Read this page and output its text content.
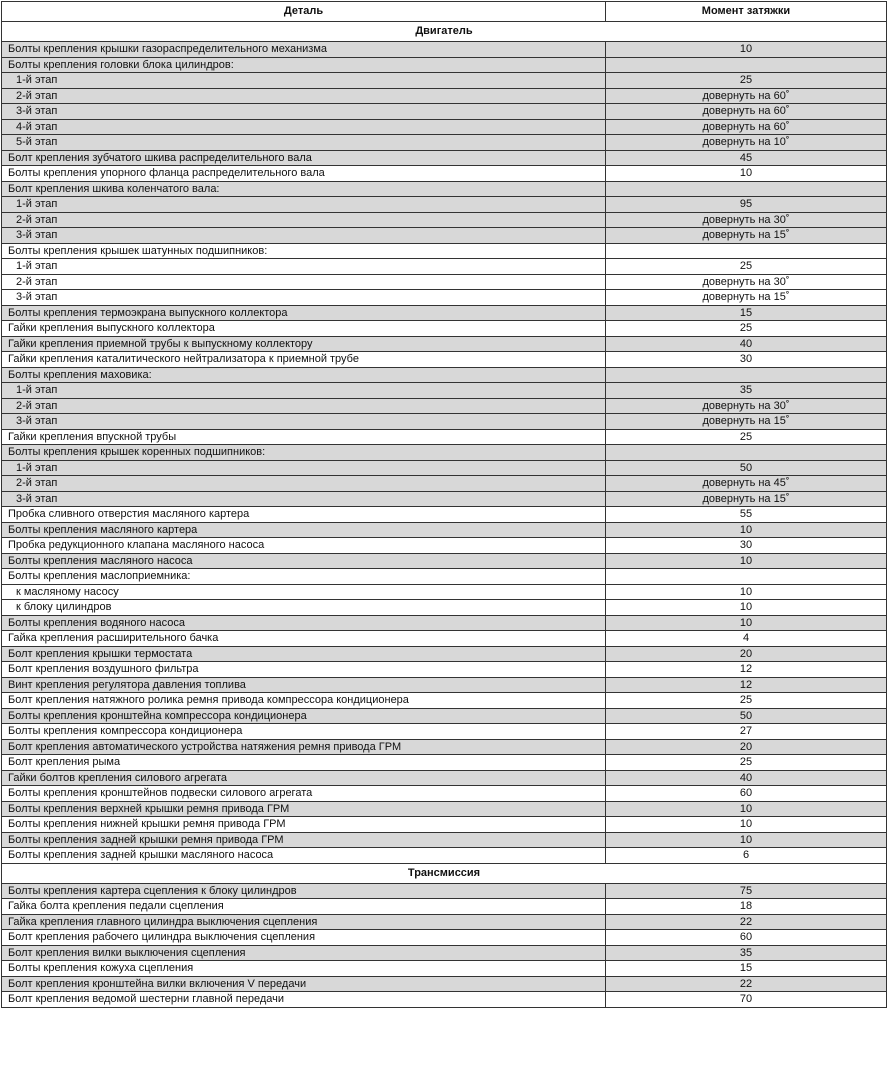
Деталь	Момент затяжки
Двигатель	
Болты крепления крышки газораспределительного механизма	10
Болты крепления головки блока цилиндров:	
1-й этап	25
2-й этап	довернуть на 60˚
3-й этап	довернуть на 60˚
4-й этап	довернуть на 60˚
5-й этап	довернуть на 10˚
Болт крепления зубчатого шкива распределительного вала	45
Болты крепления упорного фланца распределительного вала	10
Болт крепления шкива коленчатого вала:	
1-й этап	95
2-й этап	довернуть на 30˚
3-й этап	довернуть на 15˚
Болты крепления крышек шатунных подшипников:	
1-й этап	25
2-й этап	довернуть на 30˚
3-й этап	довернуть на 15˚
Болты крепления термоэкрана выпускного коллектора	15
Гайки крепления выпускного коллектора	25
Гайки крепления приемной трубы к выпускному коллектору	40
Гайки крепления каталитического нейтрализатора к приемной трубе	30
Болты крепления маховика:	
1-й этап	35
2-й этап	довернуть на 30˚
3-й этап	довернуть на 15˚
Гайки крепления впускной трубы	25
Болты крепления крышек коренных подшипников:	
1-й этап	50
2-й этап	довернуть на 45˚
3-й этап	довернуть на 15˚
Пробка сливного отверстия масляного картера	55
Болты крепления масляного картера	10
Пробка редукционного клапана масляного насоса	30
Болты крепления масляного насоса	10
Болты крепления маслоприемника:	
к масляному насосу	10
к блоку цилиндров	10
Болты крепления водяного насоса	10
Гайка крепления расширительного бачка	4
Болт крепления крышки термостата	20
Болт крепления воздушного фильтра	12
Винт крепления регулятора давления топлива	12
Болт крепления натяжного ролика ремня привода компрессора кондиционера	25
Болты крепления кронштейна компрессора кондиционера	50
Болты крепления компрессора кондиционера	27
Болт крепления автоматического устройства натяжения ремня привода ГРМ	20
Болт крепления рыма	25
Гайки болтов крепления силового агрегата	40
Болты крепления кронштейнов подвески силового агрегата	60
Болты крепления верхней крышки ремня привода ГРМ	10
Болты крепления нижней крышки ремня привода ГРМ	10
Болты крепления задней крышки ремня привода ГРМ	10
Болты крепления задней крышки масляного насоса	6
Трансмиссия	
Болты крепления картера сцепления к блоку цилиндров	75
Гайка болта крепления педали сцепления	18
Гайка крепления главного цилиндра выключения сцепления	22
Болт крепления рабочего цилиндра выключения сцепления	60
Болт крепления вилки выключения сцепления	35
Болты крепления кожуха сцепления	15
Болт крепления кронштейна вилки включения V передачи	22
Болт крепления ведомой шестерни главной передачи	70
